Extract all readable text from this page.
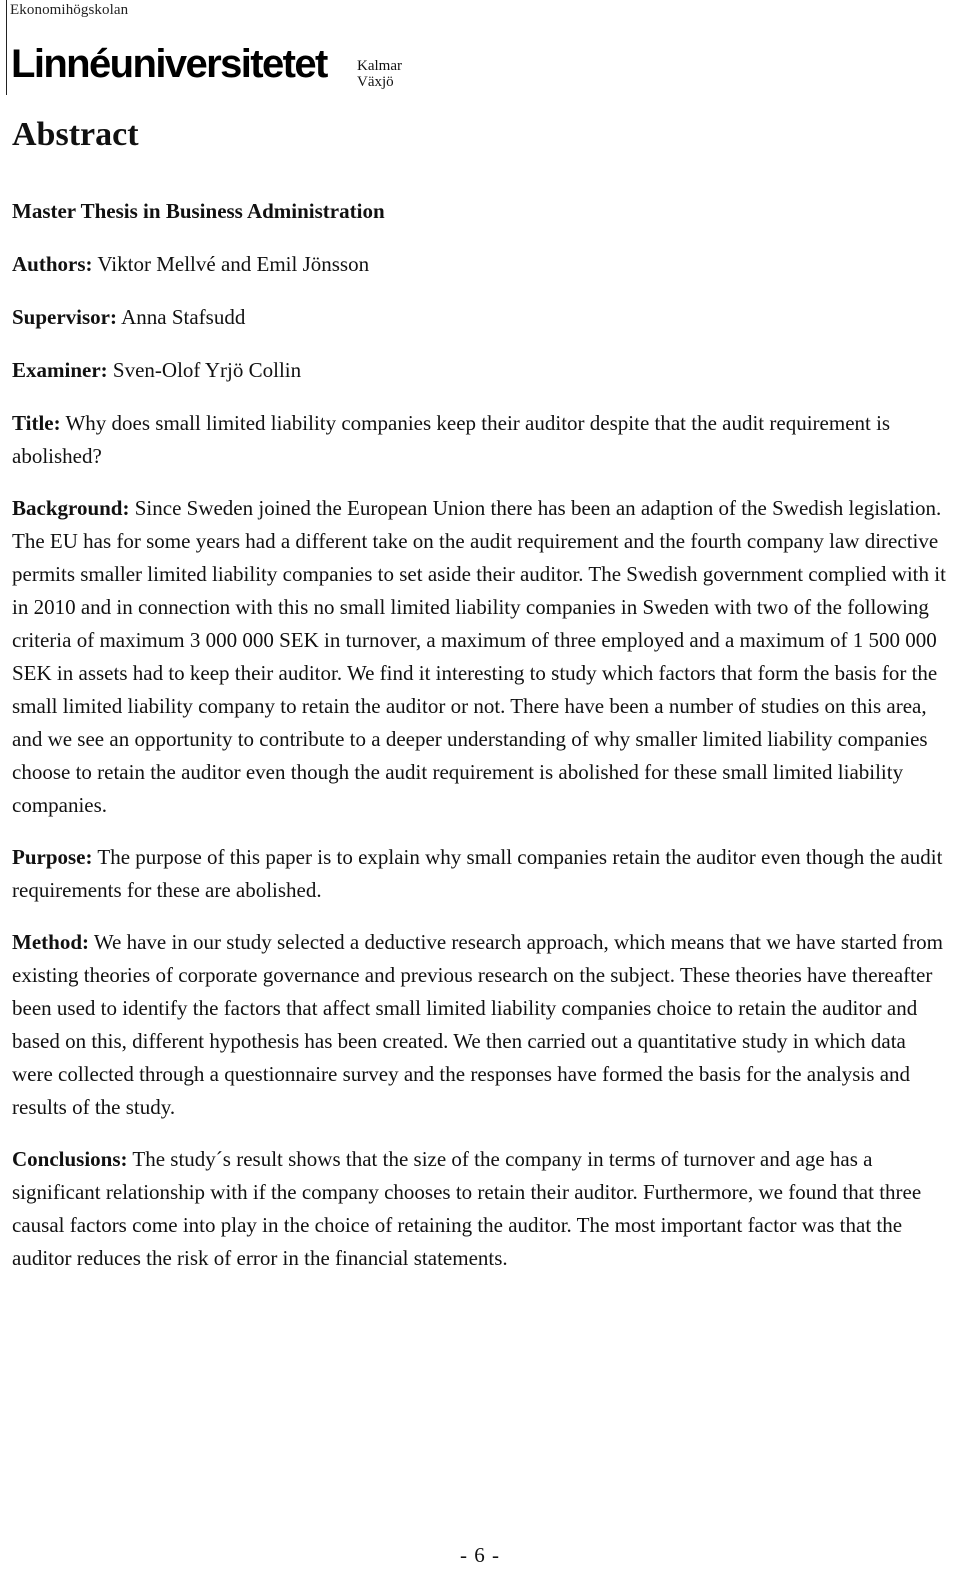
Ekonomihögskolan
Linnéuniversitetet Kalmar
Växjö
Abstract

Master Thesis in Business Administration

Authors: Viktor Mellvé and Emil Jönsson

Supervisor: Anna Stafsudd

Examiner: Sven-Olof Yrjö Collin

Title: Why does small limited liability companies keep their auditor despite that the audit requirement is abolished?

Background: Since Sweden joined the European Union there has been an adaption of the Swedish legislation. The EU has for some years had a different take on the audit requirement and the fourth company law directive permits smaller limited liability companies to set aside their auditor. The Swedish government complied with it in 2010 and in connection with this no small limited liability companies in Sweden with two of the following criteria of maximum 3 000 000 SEK in turnover, a maximum of three employed and a maximum of 1 500 000 SEK in assets had to keep their auditor. We find it interesting to study which factors that form the basis for the small limited liability company to retain the auditor or not. There have been a number of studies on this area, and we see an opportunity to contribute to a deeper understanding of why smaller limited liability companies choose to retain the auditor even though the audit requirement is abolished for these small limited liability companies.

Purpose: The purpose of this paper is to explain why small companies retain the auditor even though the audit requirements for these are abolished.

Method: We have in our study selected a deductive research approach, which means that we have started from existing theories of corporate governance and previous research on the subject. These theories have thereafter been used to identify the factors that affect small limited liability companies choice to retain the auditor and based on this, different hypothesis has been created. We then carried out a quantitative study in which data were collected through a questionnaire survey and the responses have formed the basis for the analysis and results of the study.

Conclusions: The study´s result shows that the size of the company in terms of turnover and age has a significant relationship with if the company chooses to retain their auditor. Furthermore, we found that three causal factors come into play in the choice of retaining the auditor. The most important factor was that the auditor reduces the risk of error in the financial statements.

- 6 -
